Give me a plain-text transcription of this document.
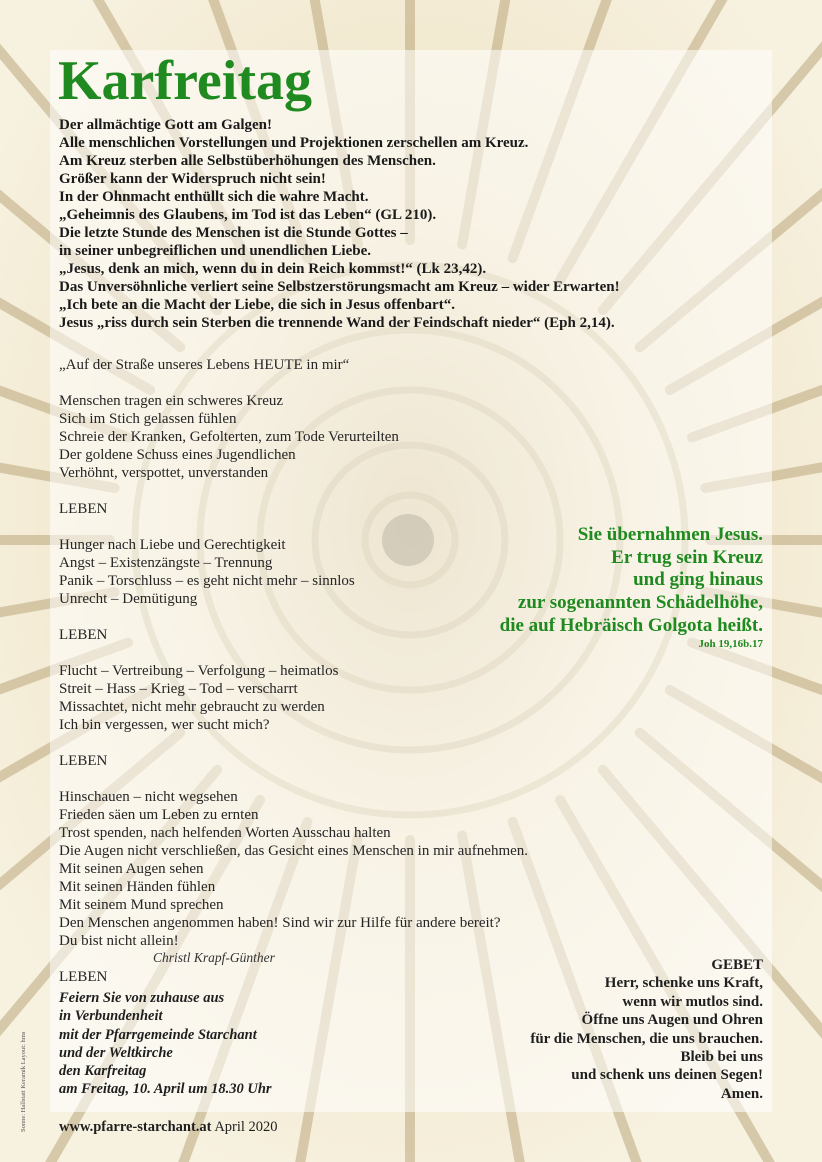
Karfreitag
Der allmächtige Gott am Galgen!
Alle menschlichen Vorstellungen und Projektionen zerschellen am Kreuz.
Am Kreuz sterben alle Selbstüberhöhungen des Menschen.
Größer kann der Widerspruch nicht sein!
In der Ohnmacht enthüllt sich die wahre Macht.
„Geheimnis des Glaubens, im Tod ist das Leben“ (GL 210).
Die letzte Stunde des Menschen ist die Stunde Gottes –
in seiner unbegreiflichen und unendlichen Liebe.
„Jesus, denk an mich, wenn du in dein Reich kommst!“ (Lk 23,42).
Das Unversöhnliche verliert seine Selbstzerstörungsmacht am Kreuz – wider Erwarten!
„Ich bete an die Macht der Liebe, die sich in Jesus offenbart“.
Jesus „riss durch sein Sterben die trennende Wand der Feindschaft nieder“ (Eph 2,14).
„Auf der Straße unseres Lebens HEUTE in mir“
Menschen tragen ein schweres Kreuz
Sich im Stich gelassen fühlen
Schreie der Kranken, Gefolterten, zum Tode Verurteilten
Der goldene Schuss eines Jugendlichen
Verhöhnt, verspottet, unverstanden
LEBEN
Hunger nach Liebe und Gerechtigkeit
Angst – Existenzängste – Trennung
Panik – Torschluss – es geht nicht mehr – sinnlos
Unrecht – Demütigung
LEBEN
Flucht – Vertreibung – Verfolgung – heimatlos
Streit – Hass – Krieg – Tod – verscharrt
Missachtet, nicht mehr gebraucht zu werden
Ich bin vergessen, wer sucht mich?
LEBEN
Hinschauen – nicht wegsehen
Frieden säen um Leben zu ernten
Trost spenden, nach helfenden Worten Ausschau halten
Die Augen nicht verschließen, das Gesicht eines Menschen in mir aufnehmen.
Mit seinen Augen sehen
Mit seinen Händen fühlen
Mit seinem Mund sprechen
Den Menschen angenommen haben! Sind wir zur Hilfe für andere bereit?
Du bist nicht allein!
LEBEN
Christl Krapf-Günther
Sie übernahmen Jesus.
Er trug sein Kreuz
und ging hinaus
zur sogenannten Schädelhöhe,
die auf Hebräisch Golgota heißt.
Joh 19,16b.17
Feiern Sie von zuhause aus
in Verbundenheit
mit der Pfarrgemeinde Starchant
und der Weltkirche
den Karfreitag
am Freitag, 10. April um 18.30 Uhr
GEBET
Herr, schenke uns Kraft,
wenn wir mutlos sind.
Öffne uns Augen und Ohren
für die Menschen, die uns brauchen.
Bleib bei uns
und schenk uns deinen Segen!
Amen.
www.pfarre-starchant.at April 2020
Sonne: Hallstatt Keramik Layout: hms
